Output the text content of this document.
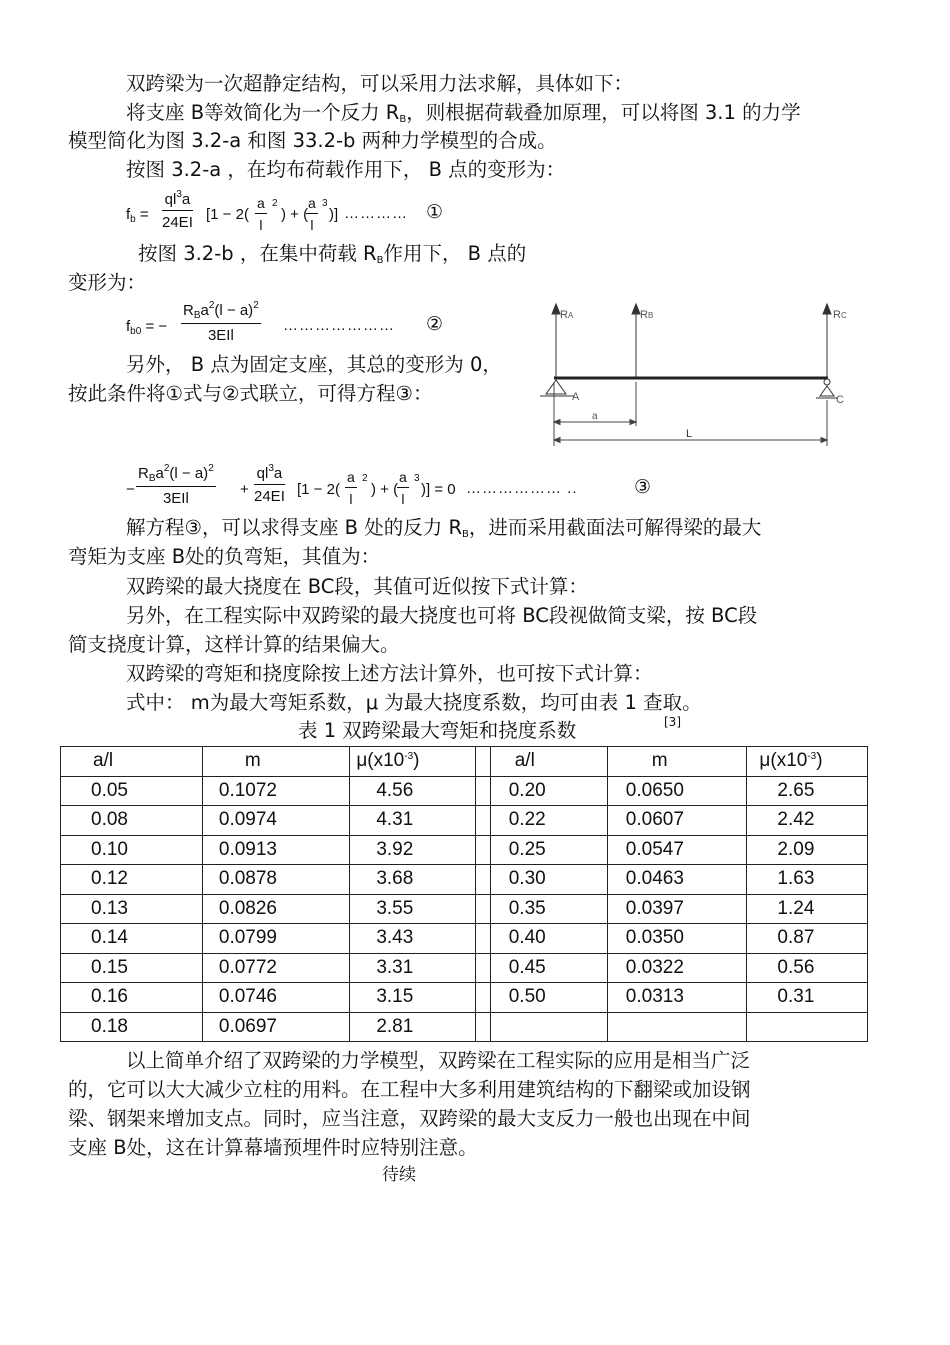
双跨梁为一次超静定结构，可以采用力法求解，具体如下：
将支座 B等效简化为一个反力 $R_B$，则根据荷载叠加原理，可以将图 3.1 的力学
模型简化为图 3.2-a 和图 33.2-b 两种力学模型的合成。
按图 3.2-a ，在均布荷载作用下， B 点的变形为：
$f_b = \frac{ql^3a}{24EI} [1 - 2( \frac{a}{l} 2$
) + (
$\frac{a}{l} 3$
)] ………… ①
按图 3.2-b ，在集中荷载 $R_B$作用下， B 点的
变形为：
$f_{b0}$ = −
$R_Ba^2(l - a)^2$
3EIl
………………… ②
另外， B 点为固定支座，其总的变形为 0，
按此条件将①式与②式联立，可得方程③：
RA	RB	RC
A	C
a
L
−
$R_Ba^2(l - a)^2$
3EIl
+ $\frac{ql^3a}{24EI} [1 - 2( \frac{a}{l} 2$
) + (
$\frac{a}{l} 3$
)] = 0 ……………… ..	③
解方程③，可以求得支座 B 处的反力 $R_B$，进而采用截面法可解得梁的最大
弯矩为支座 B处的负弯矩，其值为：
双跨梁的最大挠度在 BC段，其值可近似按下式计算：
另外，在工程实际中双跨梁的最大挠度也可将 BC段视做简支梁，按 BC段
简支挠度计算，这样计算的结果偏大。
双跨梁的弯矩和挠度除按上述方法计算外，也可按下式计算：
式中： m为最大弯矩系数，μ 为最大挠度系数，均可由表 1 查取。
表 1 双跨梁最大弯矩和挠度系数	[3]
a/l	m	$\mu(x10^{-3})$		a/l	m	$\mu(x10^{-3})$
0.05	0.1072	4.56		0.20	0.0650	2.65
0.08	0.0974	4.31		0.22	0.0607	2.42
0.10	0.0913	3.92		0.25	0.0547	2.09
0.12	0.0878	3.68		0.30	0.0463	1.63
0.13	0.0826	3.55		0.35	0.0397	1.24
0.14	0.0799	3.43		0.40	0.0350	0.87
0.15	0.0772	3.31		0.45	0.0322	0.56
0.16	0.0746	3.15		0.50	0.0313	0.31
0.18	0.0697	2.81				
以上简单介绍了双跨梁的力学模型，双跨梁在工程实际的应用是相当广泛
的，它可以大大减少立柱的用料。在工程中大多利用建筑结构的下翻梁或加设钢
梁、钢架来增加支点。同时，应当注意，双跨梁的最大支反力一般也出现在中间
支座 B处，这在计算幕墙预埋件时应特别注意。
待续
